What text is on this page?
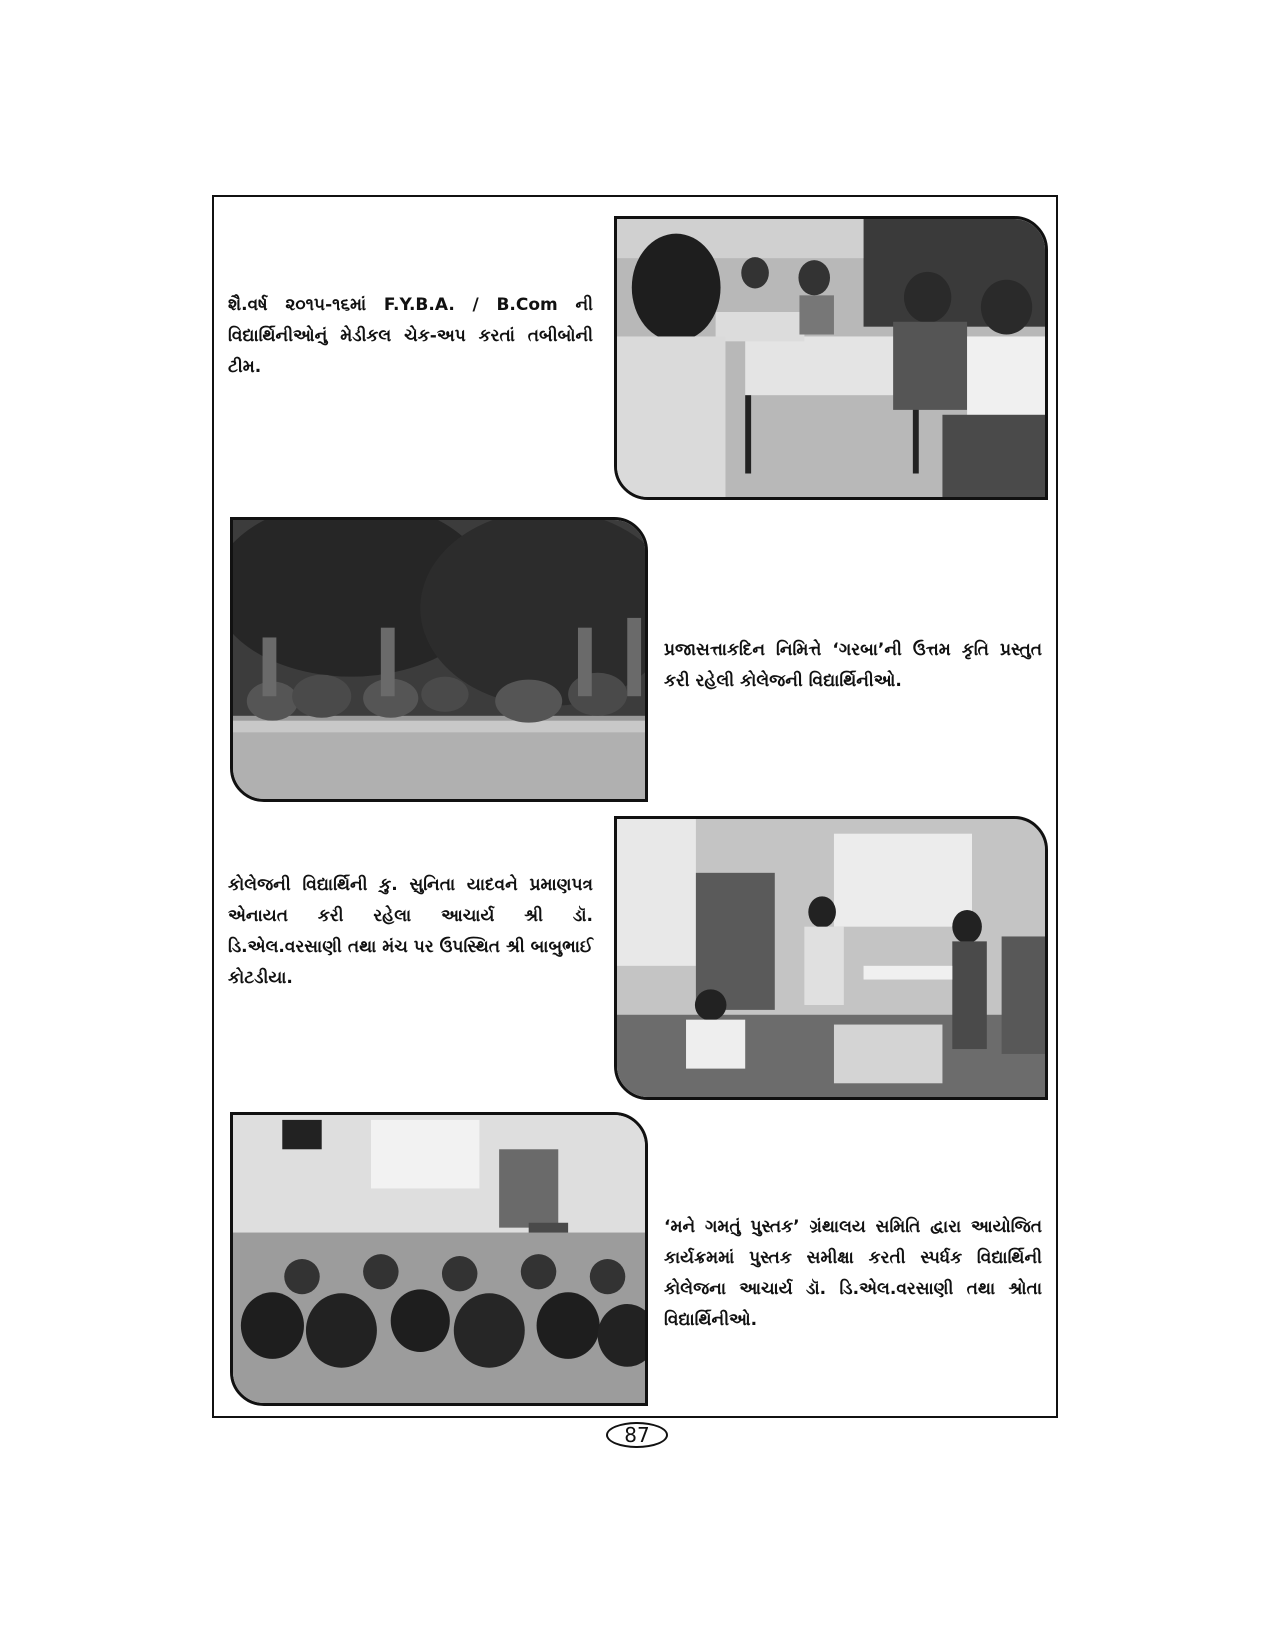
શૈ.વર્ષ ૨૦૧૫-૧૬માં F.Y.B.A. / B.Com ની વિદ્યાર્થિનીઓનું મેડીકલ ચેક-અપ કરતાં તબીબોની ટીમ.
પ્રજાસત્તાકદિન નિમિત્તે ‘ગરબા’ની ઉત્તમ કૃતિ પ્રસ્તુત કરી રહેલી કોલેજની વિદ્યાર્થિનીઓ.
કોલેજની વિદ્યાર્થિની કુ. સુનિતા યાદવને પ્રમાણપત્ર એનાયત કરી રહેલા આચાર્ય શ્રી ડૉ. ડિ.એલ.વરસાણી તથા મંચ પર ઉપસ્થિત શ્રી બાબુભાઈ કોટડીયા.
‘મને ગમતું પુસ્તક’ ગ્રંથાલય સમિતિ દ્વારા આયોજિત કાર્યક્રમમાં પુસ્તક સમીક્ષા કરતી સ્પર્ધક વિદ્યાર્થિની કોલેજના આચાર્ય ડૉ. ડિ.એલ.વરસાણી તથા શ્રોતા વિદ્યાર્થિનીઓ.
87
